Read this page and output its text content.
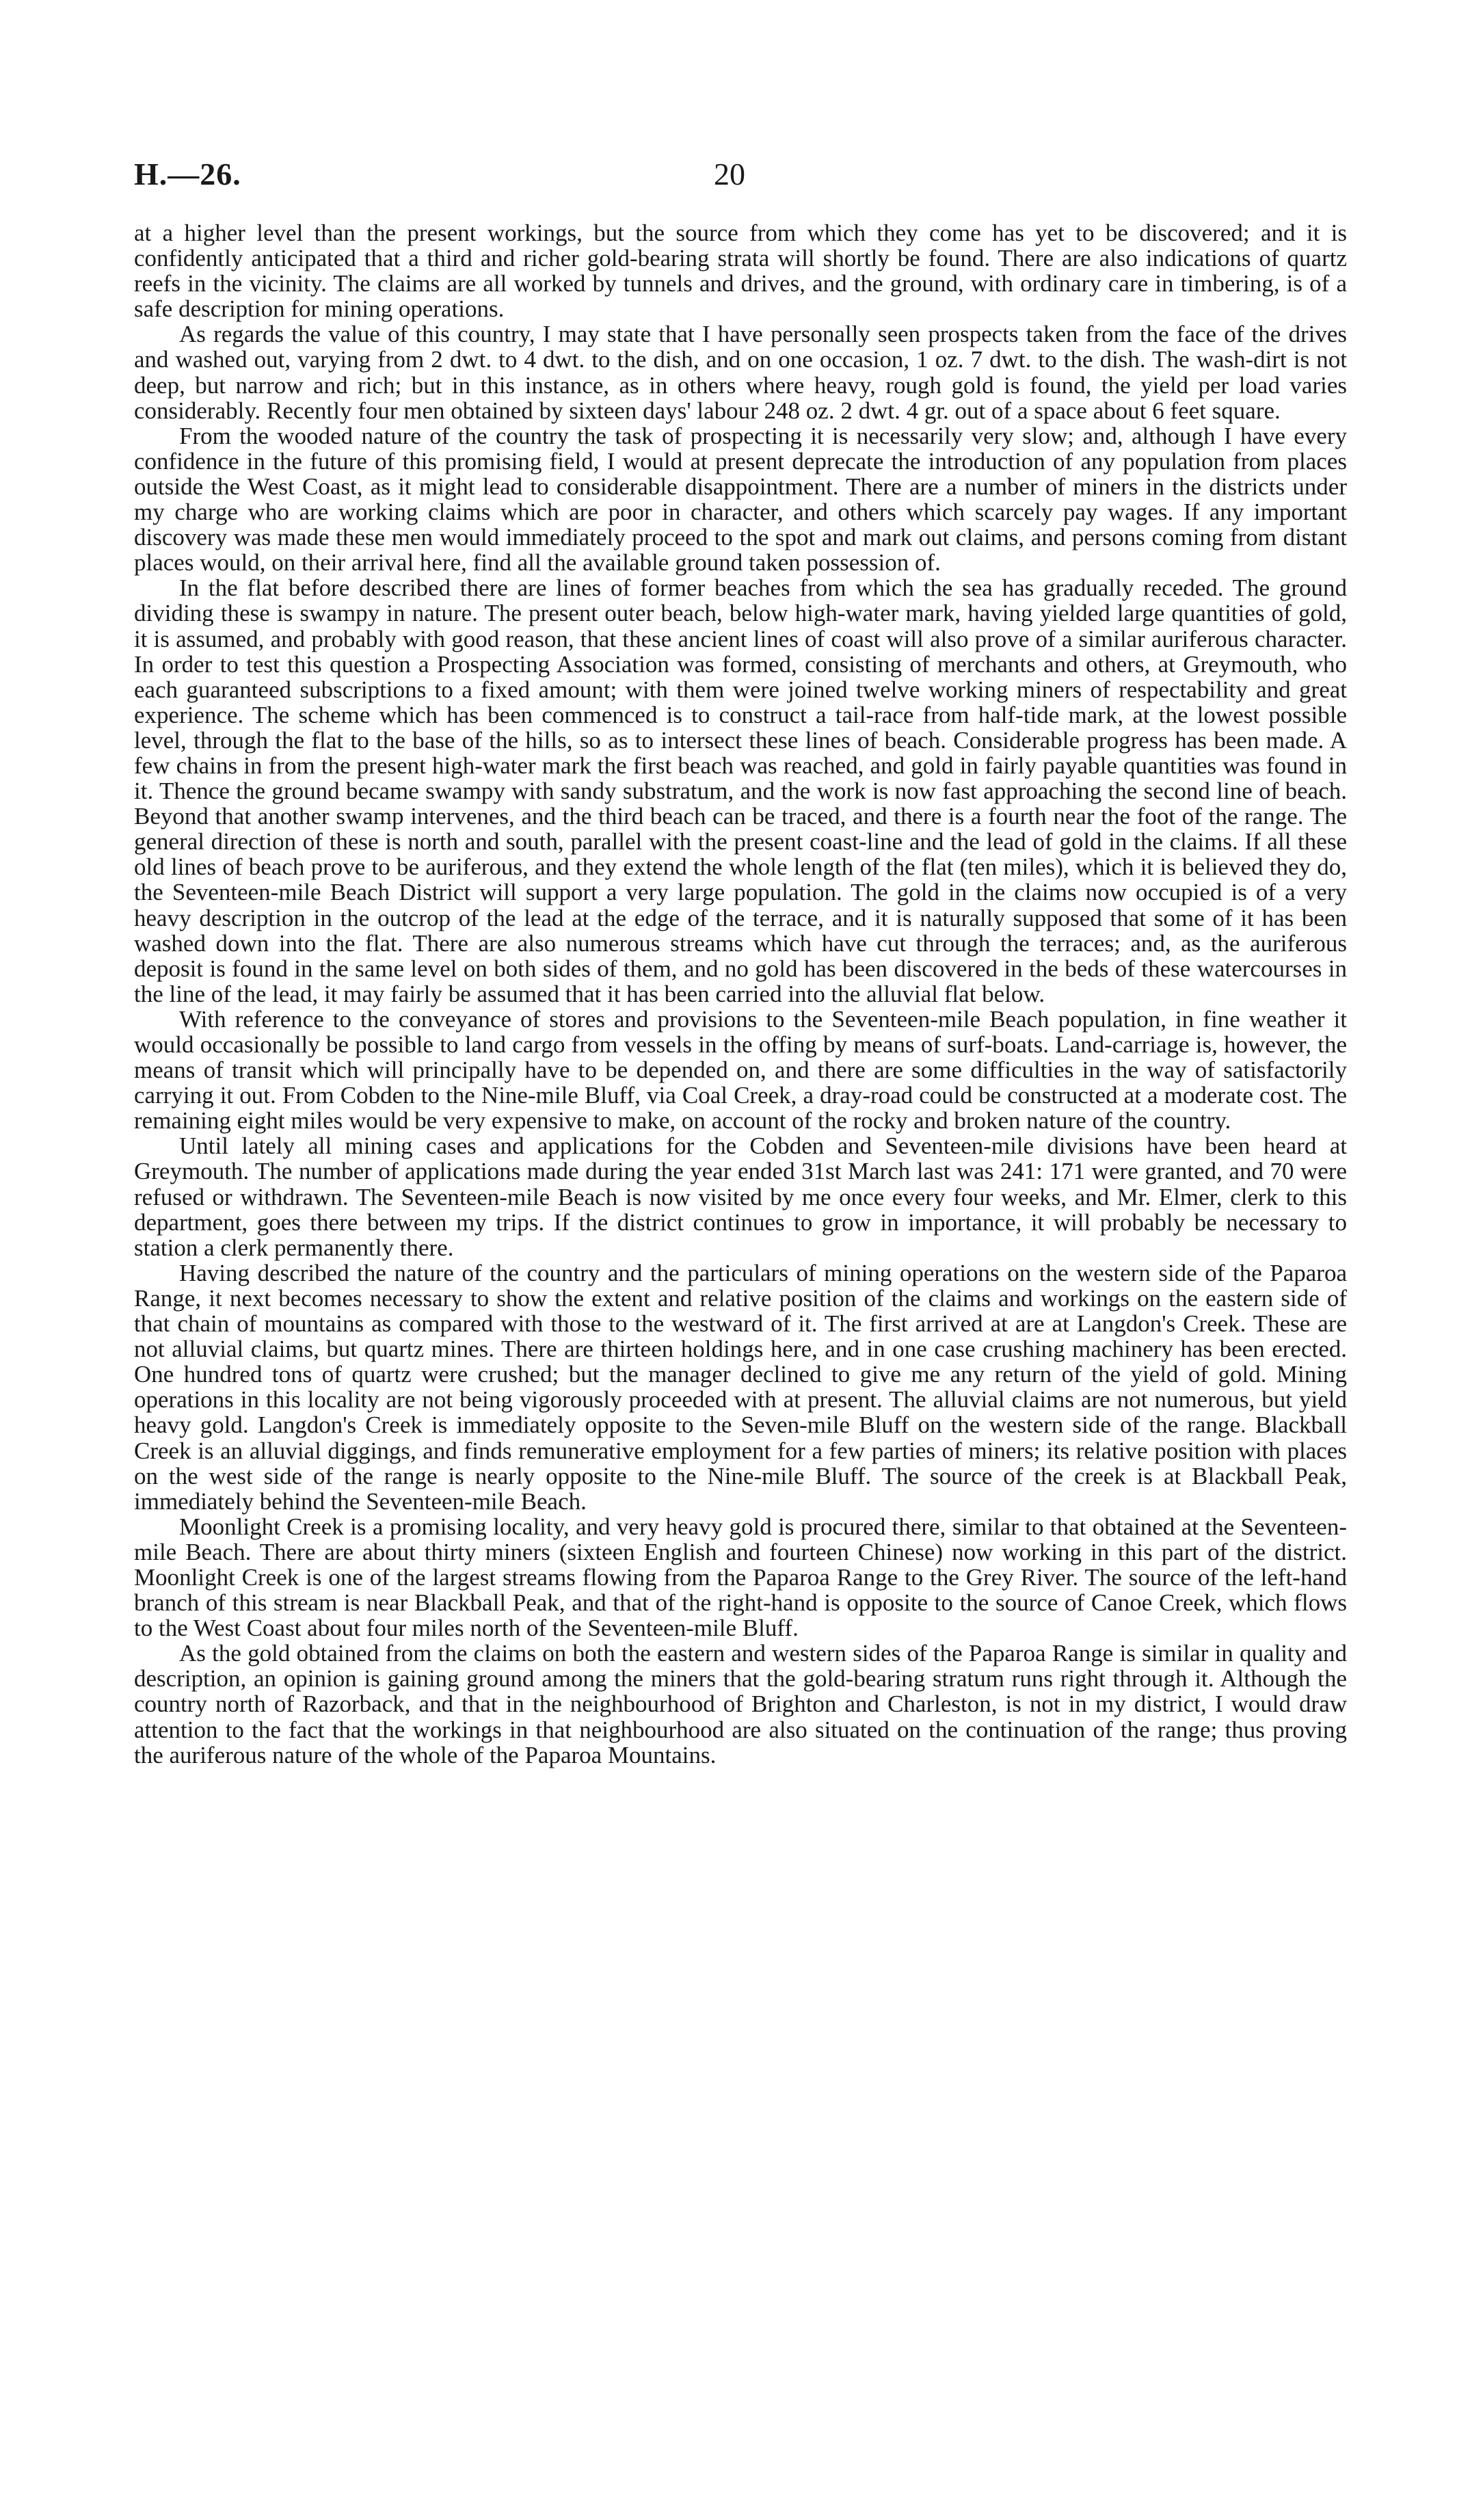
H.—26.	20

at a higher level than the present workings, but the source from which they come has yet to be discovered; and it is confidently anticipated that a third and richer gold-bearing strata will shortly be found. There are also indications of quartz reefs in the vicinity. The claims are all worked by tunnels and drives, and the ground, with ordinary care in timbering, is of a safe description for mining operations.

As regards the value of this country, I may state that I have personally seen prospects taken from the face of the drives and washed out, varying from 2 dwt. to 4 dwt. to the dish, and on one occasion, 1 oz. 7 dwt. to the dish. The wash-dirt is not deep, but narrow and rich; but in this instance, as in others where heavy, rough gold is found, the yield per load varies considerably. Recently four men obtained by sixteen days' labour 248 oz. 2 dwt. 4 gr. out of a space about 6 feet square.

From the wooded nature of the country the task of prospecting it is necessarily very slow; and, although I have every confidence in the future of this promising field, I would at present deprecate the introduction of any population from places outside the West Coast, as it might lead to considerable disappointment. There are a number of miners in the districts under my charge who are working claims which are poor in character, and others which scarcely pay wages. If any important discovery was made these men would immediately proceed to the spot and mark out claims, and persons coming from distant places would, on their arrival here, find all the available ground taken possession of.

In the flat before described there are lines of former beaches from which the sea has gradually receded. The ground dividing these is swampy in nature. The present outer beach, below high-water mark, having yielded large quantities of gold, it is assumed, and probably with good reason, that these ancient lines of coast will also prove of a similar auriferous character. In order to test this question a Prospecting Association was formed, consisting of merchants and others, at Greymouth, who each guaranteed subscriptions to a fixed amount; with them were joined twelve working miners of respectability and great experience. The scheme which has been commenced is to construct a tail-race from half-tide mark, at the lowest possible level, through the flat to the base of the hills, so as to intersect these lines of beach. Considerable progress has been made. A few chains in from the present high-water mark the first beach was reached, and gold in fairly payable quantities was found in it. Thence the ground became swampy with sandy substratum, and the work is now fast approaching the second line of beach. Beyond that another swamp intervenes, and the third beach can be traced, and there is a fourth near the foot of the range. The general direction of these is north and south, parallel with the present coast-line and the lead of gold in the claims. If all these old lines of beach prove to be auriferous, and they extend the whole length of the flat (ten miles), which it is believed they do, the Seventeen-mile Beach District will support a very large population. The gold in the claims now occupied is of a very heavy description in the outcrop of the lead at the edge of the terrace, and it is naturally supposed that some of it has been washed down into the flat. There are also numerous streams which have cut through the terraces; and, as the auriferous deposit is found in the same level on both sides of them, and no gold has been discovered in the beds of these watercourses in the line of the lead, it may fairly be assumed that it has been carried into the alluvial flat below.

With reference to the conveyance of stores and provisions to the Seventeen-mile Beach population, in fine weather it would occasionally be possible to land cargo from vessels in the offing by means of surf-boats. Land-carriage is, however, the means of transit which will principally have to be depended on, and there are some difficulties in the way of satisfactorily carrying it out. From Cobden to the Nine-mile Bluff, via Coal Creek, a dray-road could be constructed at a moderate cost. The remaining eight miles would be very expensive to make, on account of the rocky and broken nature of the country.

Until lately all mining cases and applications for the Cobden and Seventeen-mile divisions have been heard at Greymouth. The number of applications made during the year ended 31st March last was 241: 171 were granted, and 70 were refused or withdrawn. The Seventeen-mile Beach is now visited by me once every four weeks, and Mr. Elmer, clerk to this department, goes there between my trips. If the district continues to grow in importance, it will probably be necessary to station a clerk permanently there.

Having described the nature of the country and the particulars of mining operations on the western side of the Paparoa Range, it next becomes necessary to show the extent and relative position of the claims and workings on the eastern side of that chain of mountains as compared with those to the westward of it. The first arrived at are at Langdon's Creek. These are not alluvial claims, but quartz mines. There are thirteen holdings here, and in one case crushing machinery has been erected. One hundred tons of quartz were crushed; but the manager declined to give me any return of the yield of gold. Mining operations in this locality are not being vigorously proceeded with at present. The alluvial claims are not numerous, but yield heavy gold. Langdon's Creek is immediately opposite to the Seven-mile Bluff on the western side of the range. Blackball Creek is an alluvial diggings, and finds remunerative employment for a few parties of miners; its relative position with places on the west side of the range is nearly opposite to the Nine-mile Bluff. The source of the creek is at Blackball Peak, immediately behind the Seventeen-mile Beach.

Moonlight Creek is a promising locality, and very heavy gold is procured there, similar to that obtained at the Seventeen-mile Beach. There are about thirty miners (sixteen English and fourteen Chinese) now working in this part of the district. Moonlight Creek is one of the largest streams flowing from the Paparoa Range to the Grey River. The source of the left-hand branch of this stream is near Blackball Peak, and that of the right-hand is opposite to the source of Canoe Creek, which flows to the West Coast about four miles north of the Seventeen-mile Bluff.

As the gold obtained from the claims on both the eastern and western sides of the Paparoa Range is similar in quality and description, an opinion is gaining ground among the miners that the gold-bearing stratum runs right through it. Although the country north of Razorback, and that in the neighbourhood of Brighton and Charleston, is not in my district, I would draw attention to the fact that the workings in that neighbourhood are also situated on the continuation of the range; thus proving the auriferous nature of the whole of the Paparoa Mountains.
